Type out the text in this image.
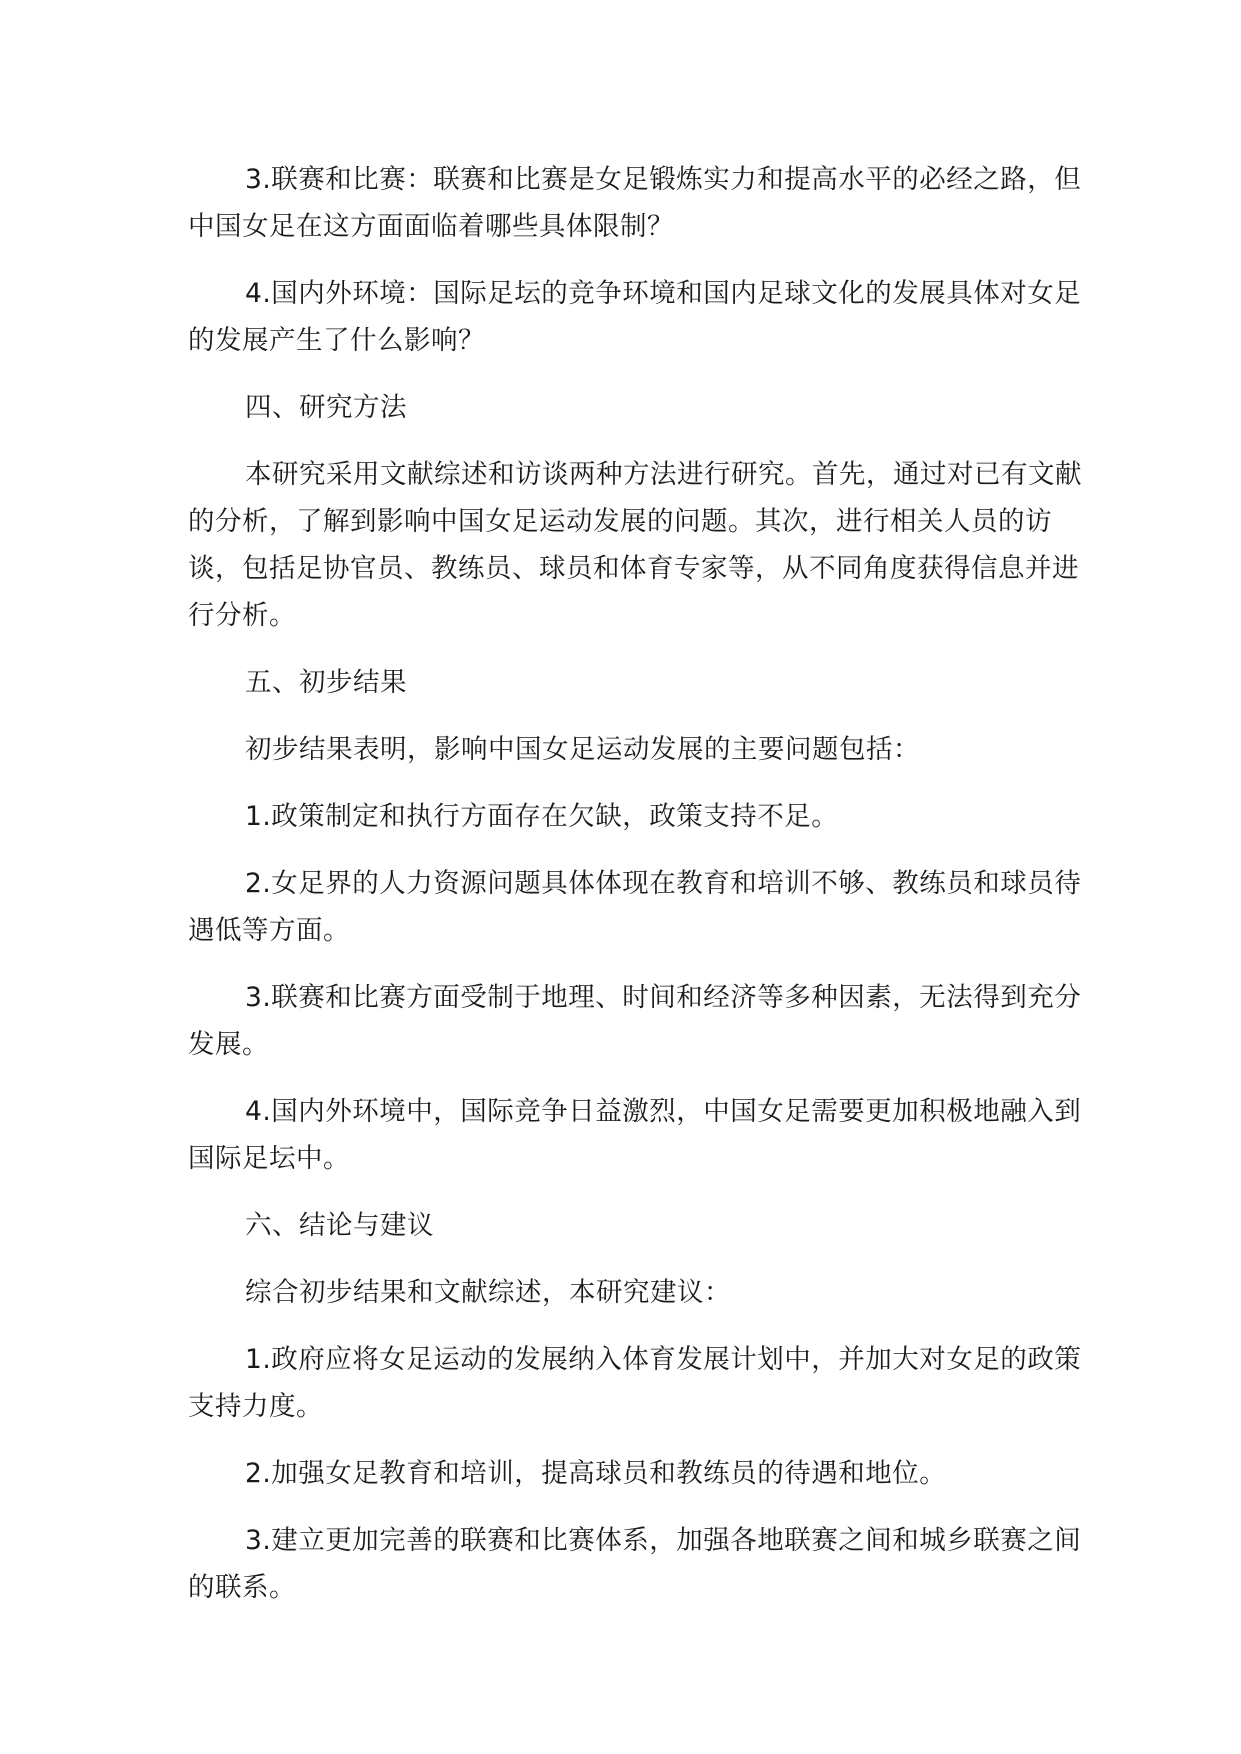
3.联赛和比赛：联赛和比赛是女足锻炼实力和提高水平的必经之路，但中国女足在这方面面临着哪些具体限制？

4.国内外环境：国际足坛的竞争环境和国内足球文化的发展具体对女足的发展产生了什么影响？

四、研究方法

本研究采用文献综述和访谈两种方法进行研究。首先，通过对已有文献的分析，了解到影响中国女足运动发展的问题。其次，进行相关人员的访谈，包括足协官员、教练员、球员和体育专家等，从不同角度获得信息并进行分析。

五、初步结果

初步结果表明，影响中国女足运动发展的主要问题包括：

1.政策制定和执行方面存在欠缺，政策支持不足。

2.女足界的人力资源问题具体体现在教育和培训不够、教练员和球员待遇低等方面。

3.联赛和比赛方面受制于地理、时间和经济等多种因素，无法得到充分发展。

4.国内外环境中，国际竞争日益激烈，中国女足需要更加积极地融入到国际足坛中。

六、结论与建议

综合初步结果和文献综述，本研究建议：

1.政府应将女足运动的发展纳入体育发展计划中，并加大对女足的政策支持力度。

2.加强女足教育和培训，提高球员和教练员的待遇和地位。

3.建立更加完善的联赛和比赛体系，加强各地联赛之间和城乡联赛之间的联系。
